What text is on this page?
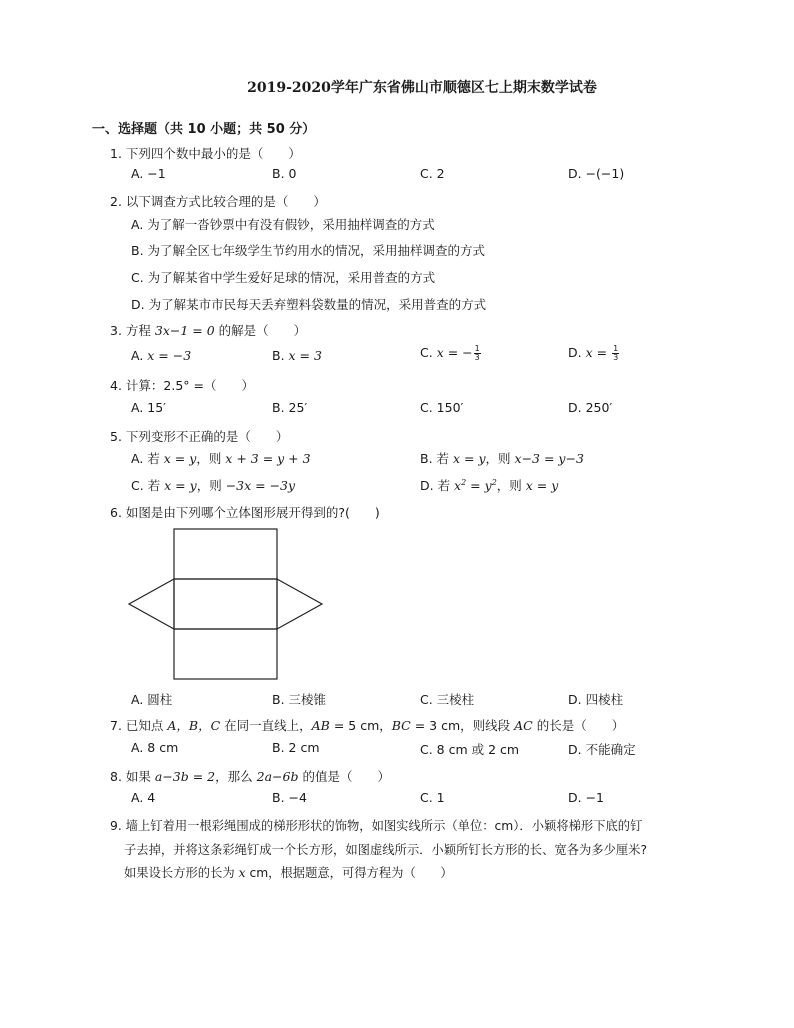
2019-2020学年广东省佛山市顺德区七上期末数学试卷
一、选择题（共 10 小题；共 50 分）
1. 下列四个数中最小的是（　　）
A. −1	B. 0	C. 2	D. −(−1)
2. 以下调查方式比较合理的是（　　）
A. 为了解一沓钞票中有没有假钞，采用抽样调查的方式
B. 为了解全区七年级学生节约用水的情况，采用抽样调查的方式
C. 为了解某省中学生爱好足球的情况，采用普查的方式
D. 为了解某市市民每天丢弃塑料袋数量的情况，采用普查的方式
3. 方程 3x−1 = 0 的解是（　　）
A. x = −3	B. x = 3	C. x = − $\frac{1}{3}$	D. $x = \frac{1}{3}$
4. 计算：2.5° =（　　）
A. 15′	B. 25′	C. 150′	D. 250′
5. 下列变形不正确的是（　　）
A. 若 x = y，则 x + 3 = y + 3	B. 若 x = y，则 x−3 = y−3
C. 若 x = y，则 −3x = −3y	D. 若 $x^2 = y^2$，则 x = y
6. 如图是由下列哪个立体图形展开得到的?(　　)
A. 圆柱	B. 三棱锥	C. 三棱柱	D. 四棱柱
7. 已知点 A，B，C 在同一直线上，AB = 5 cm，BC = 3 cm，则线段 AC 的长是（　　）
A. 8 cm	B. 2 cm	C. 8 cm 或 2 cm	D. 不能确定
8. 如果 a−3b = 2，那么 2a−6b 的值是（　　）
A. 4	B. −4	C. 1	D. −1
9. 墙上钉着用一根彩绳围成的梯形形状的饰物，如图实线所示（单位：cm）．小颖将梯形下底的钉
子去掉，并将这条彩绳钉成一个长方形，如图虚线所示．小颖所钉长方形的长、宽各为多少厘米?
如果设长方形的长为 x cm，根据题意，可得方程为（　　）
